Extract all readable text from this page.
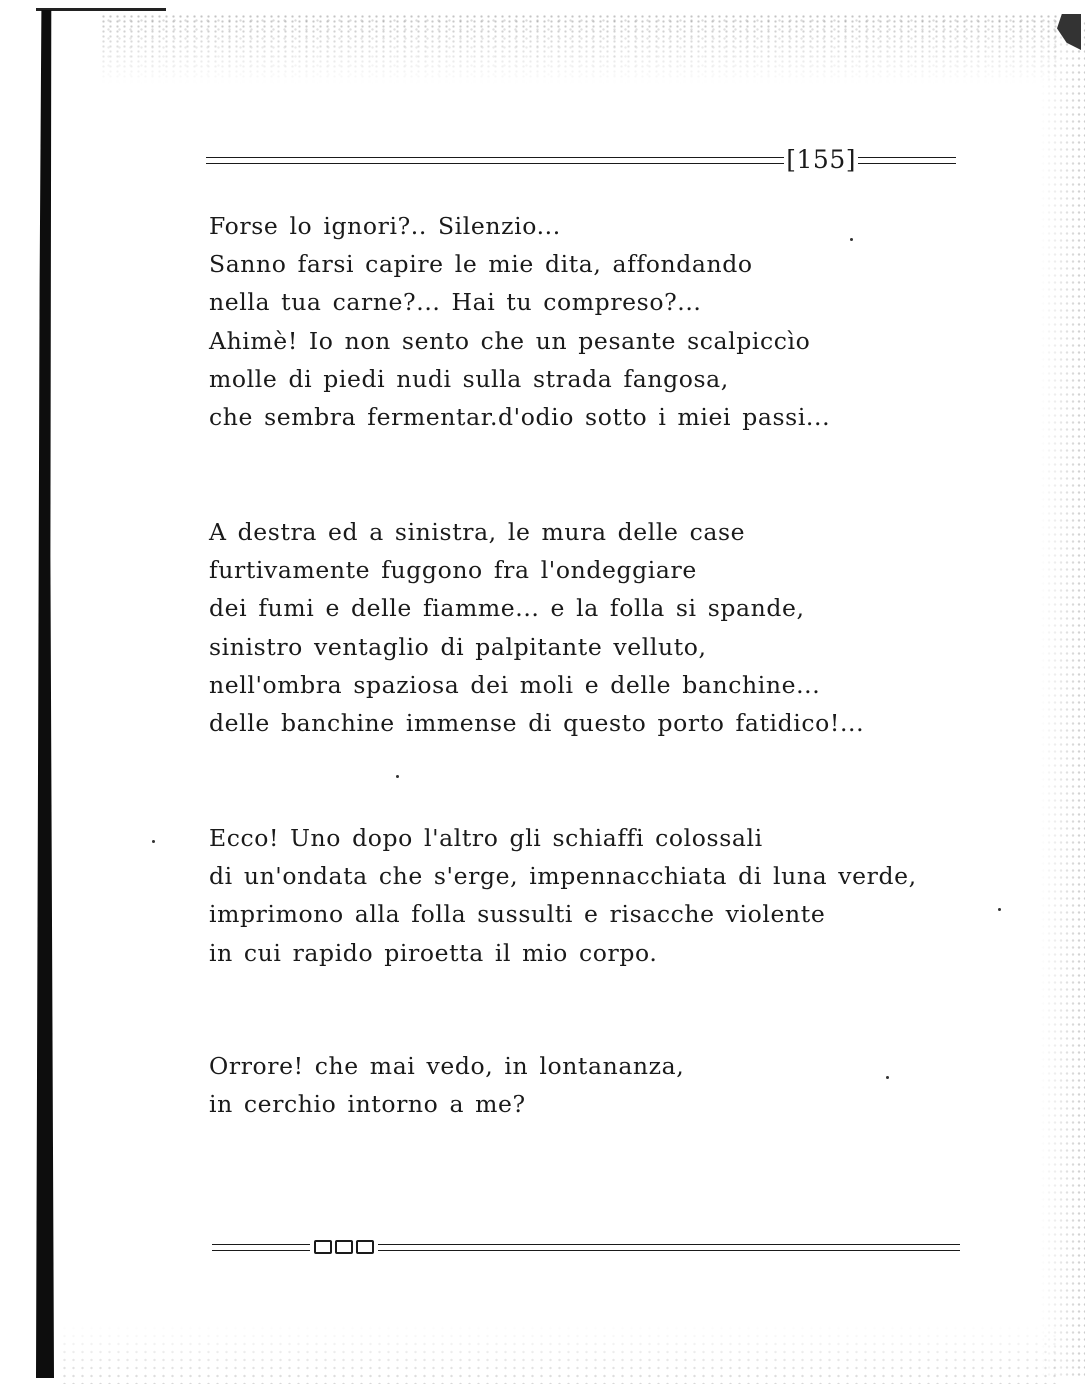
[155]
Forse lo ignori?.. Silenzio...
Sanno farsi capire le mie dita, affondando
nella tua carne?... Hai tu compreso?...
Ahimè! Io non sento che un pesante scalpiccìo
molle di piedi nudi sulla strada fangosa,
che sembra fermentar.d'odio sotto i miei passi...
A destra ed a sinistra, le mura delle case
furtivamente fuggono fra l'ondeggiare
dei fumi e delle fiamme... e la folla si spande,
sinistro ventaglio di palpitante velluto,
nell'ombra spaziosa dei moli e delle banchine...
delle banchine immense di questo porto fatidico!...
Ecco! Uno dopo l'altro gli schiaffi colossali
di un'ondata che s'erge, impennacchiata di luna verde,
imprimono alla folla sussulti e risacche violente
in cui rapido piroetta il mio corpo.
Orrore! che mai vedo, in lontananza,
in cerchio intorno a me?
